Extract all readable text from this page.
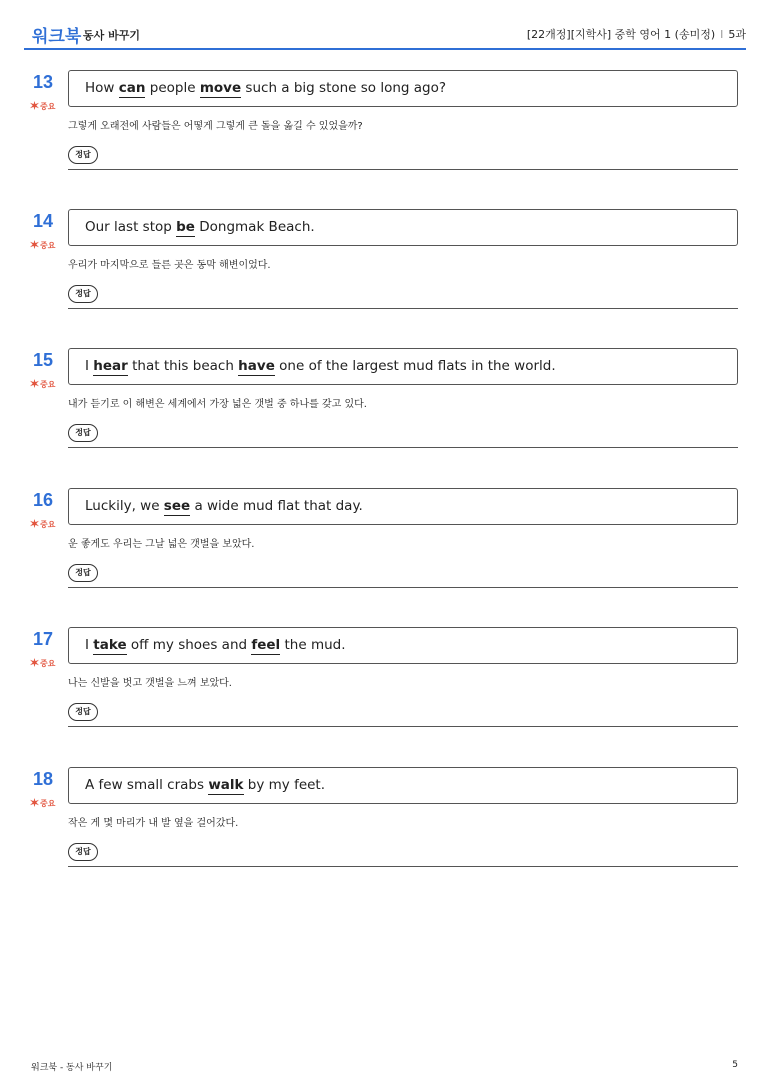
워크북 동사 바꾸기	[22개정][지학사] 중학 영어 1 (송미정) I 5과
13
중요
How can people move such a big stone so long ago?
그렇게 오래전에 사람들은 어떻게 그렇게 큰 돌을 옮길 수 있었을까?
정답
14
중요
Our last stop be Dongmak Beach.
우리가 마지막으로 들른 곳은 동막 해변이었다.
정답
15
중요
I hear that this beach have one of the largest mud flats in the world.
내가 듣기로 이 해변은 세계에서 가장 넓은 갯벌 중 하나를 갖고 있다.
정답
16
중요
Luckily, we see a wide mud flat that day.
운 좋게도 우리는 그날 넓은 갯벌을 보았다.
정답
17
중요
I take off my shoes and feel the mud.
나는 신발을 벗고 갯벌을 느껴 보았다.
정답
18
중요
A few small crabs walk by my feet.
작은 게 몇 마리가 내 발 옆을 걸어갔다.
정답
워크북 - 동사 바꾸기	5
